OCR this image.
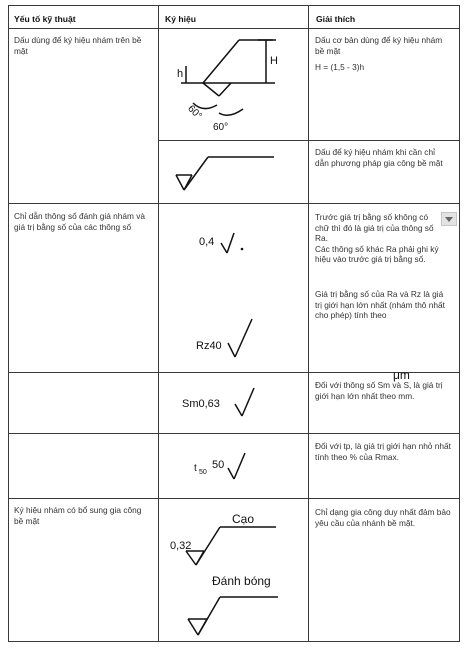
Yếu tố kỹ thuật	Ký hiệu	Giải thích
Dấu dùng để ký hiệu nhám trên bề mặt
Dấu cơ bản dùng để ký hiệu nhám bề mặt
H = (1,5 - 3)h
h
H
60°
60°
Dấu để ký hiệu nhám khi cần chỉ dẫn phương pháp gia công bề mặt
Chỉ dẫn thông số đánh giá nhám và giá trị bằng số của các thông số
Trước giá trị bằng số không có chữ thì đó là giá trị của thông số Ra.
Các thông số khác Ra phải ghi ký hiệu vào trước giá trị bằng số.
Giá trị bằng số của Ra và Rz là giá trị giới hạn lớn nhất (nhám thô nhất cho phép) tính theo
μm
0,4
Rz40
Đối với thông số Sm và S, là giá trị giới hạn lớn nhất theo mm.
Sm0,63
Đối với tp, là giá trị giới hạn nhỏ nhất tính theo % của Rmax.
t 50
50
Ký hiệu nhám có bổ sung gia công bề mặt
Chỉ dạng gia công duy nhất đảm bảo yêu cầu của nhánh bề mặt.
Cạo
0,32
Đánh bóng
